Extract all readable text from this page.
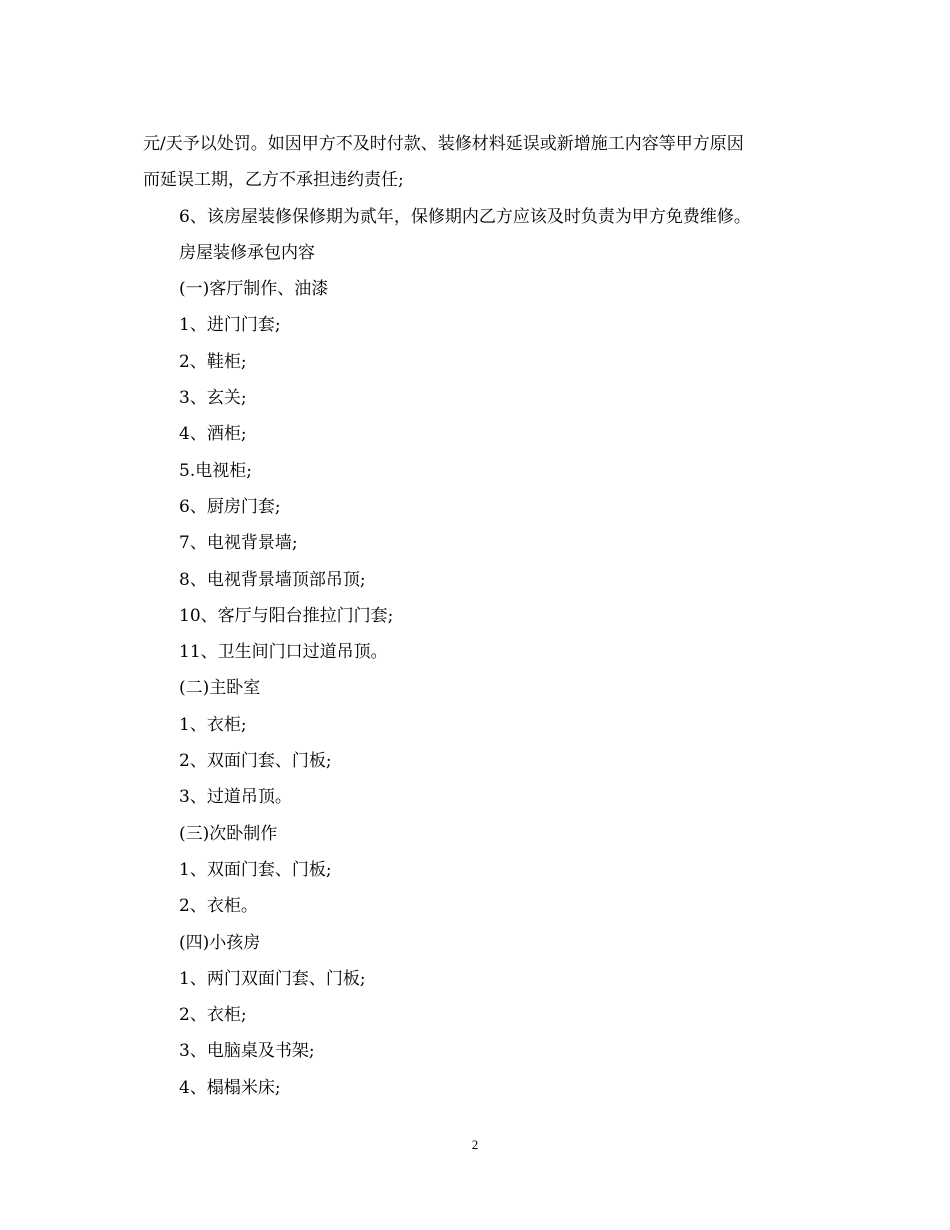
元/天予以处罚。如因甲方不及时付款、装修材料延误或新增施工内容等甲方原因
而延误工期，乙方不承担违约责任;
6、该房屋装修保修期为贰年，保修期内乙方应该及时负责为甲方免费维修。
房屋装修承包内容
(一)客厅制作、油漆
1、进门门套;
2、鞋柜;
3、玄关;
4、酒柜;
5.电视柜;
6、厨房门套;
7、电视背景墙;
8、电视背景墙顶部吊顶;
10、客厅与阳台推拉门门套;
11、卫生间门口过道吊顶。
(二)主卧室
1、衣柜;
2、双面门套、门板;
3、过道吊顶。
(三)次卧制作
1、双面门套、门板;
2、衣柜。
(四)小孩房
1、两门双面门套、门板;
2、衣柜;
3、电脑桌及书架;
4、榻榻米床;
2
